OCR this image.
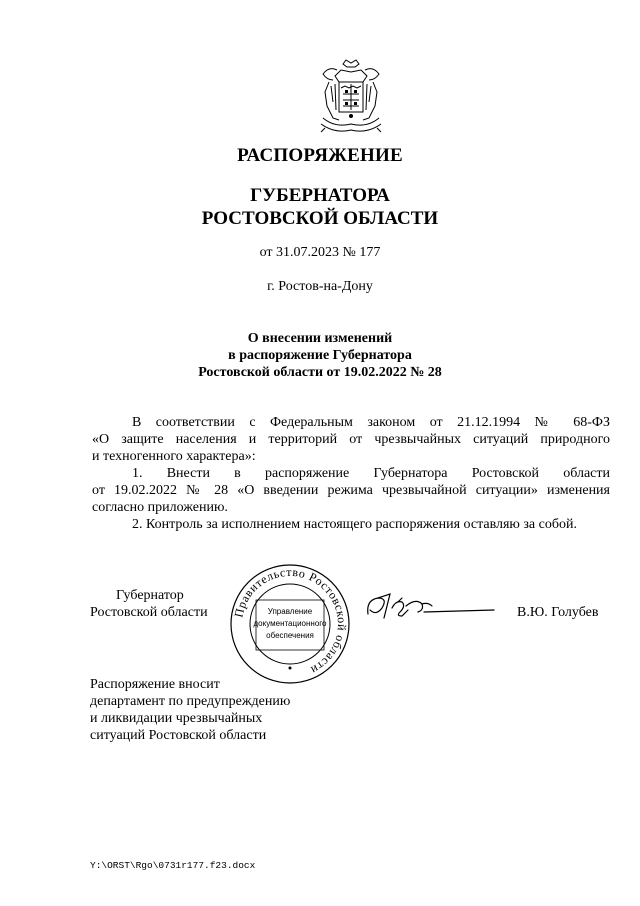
РАСПОРЯЖЕНИЕ
ГУБЕРНАТОРА
РОСТОВСКОЙ ОБЛАСТИ
от 31.07.2023 № 177
г. Ростов-на-Дону
О внесении изменений
в распоряжение Губернатора
Ростовской области от 19.02.2022 № 28
В соответствии с Федеральным законом от 21.12.1994 № 68-ФЗ
«О защите населения и территорий от чрезвычайных ситуаций природного
и техногенного характера»:
1. Внести в распоряжение Губернатора Ростовской области
от 19.02.2022 № 28 «О введении режима чрезвычайной ситуации» изменения
согласно приложению.
2. Контроль за исполнением настоящего распоряжения оставляю за собой.
Губернатор
Ростовской области	В.Ю. Голубев
Правительство Ростовской области
Управление
документационного
обеспечения
Распоряжение вносит
департамент по предупреждению
и ликвидации чрезвычайных
ситуаций Ростовской области
Y:\ORST\Rgo\0731r177.f23.docx
